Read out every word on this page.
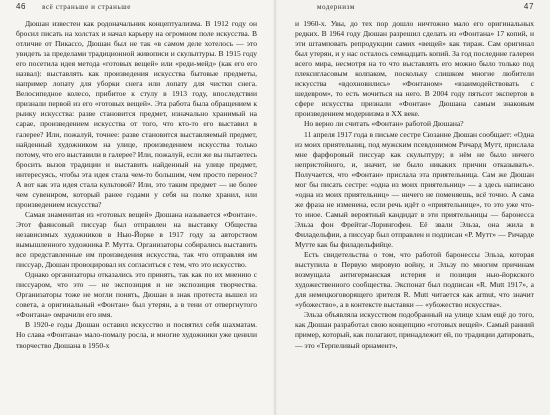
46 всё страньше и страньше

Дюшан известен как родоначальник концептуализма. В 1912 году он бросил писать на холстах и начал карьеру на огромном поле искусства. В отличие от Пикассо, Дюшан был не так «в самом деле хотелось — это увидеть за пределами традиционной живописи и скульптуры. В 1915 году его посетила идея метода «готовых вещей» или «реди-мейд» (как его его назвал): выставлять как произведения искусства бытовые предметы, например лопату для уборки снега или лопату для чистки снега. Велосипедное колесо, прибитое к стулу в 1913 году, впоследствии признали первой из его «готовых вещей». Эта работа была обращением к рынку искусства: разве становится предмет, изначально хранимый на сарае, произведением искусства от того, что кто-то его выставил в галерее? Или, пожалуй, точнее: разве становится выставляемый предмет, найденный художником на улице, произведением искусства только потому, что его выставили в галерее? Или, пожалуй, если же вы пытаетесь бросить вызов традиции и выставить найденный на улице предмет, интересуясь, чтобы эта идея стала чем-то большим, чем просто перенос? А вот как эта идея стала культовой? Или, это таким предмет — не более чем сувениром, который ранее годами у себя на полке хранил, или произведением искусства?

Самая знаменитая из «готовых вещей» Дюшана называется «Фонтан». Этот фаянсовый писсуар был отправлен на выставку Общества независимых художников в Нью-Йорке в 1917 году за авторством вымышленного художника Р. Мутта. Организаторы собирались выставить все представленные им произведения искусства, так что отправляя им писсуар, Дюшан провоцировал их согласиться с тем, что это искусство.

Однако организаторы отказались это принять, так как по их мнению с писсуаром, что это — не экспозиция и не экспозиция творчества. Организаторы тоже не могли понять, Дюшан в знак протеста вышел из совета, а оригинальный «Фонтан» был утерян, а в тени от отвергнутого «Фонтана» омрачили его имя.

В 1920-е годы Дюшан оставил искусство и посвятил себя шахматам. Но слава «Фонтана» мало-помалу росла, и многие художники уже ценили творчество Дюшана в 1950-х

модернизм	47

и 1960-х. Увы, до тех пор дошло ничтожно мало его оригинальных редких. В 1964 году Дюшан разрешил сделать из «Фонтана» 17 копий, и эти штамповать репродукции самих «вещей» как тираж. Сам оригинал был утерян, и у нас осталось семнадцать копий. За год последние галереи всего мира, несмотря на то что выставлять его можно было только под плексигласовым колпаком, поскольку слишком многие любители искусства «вдохновились» «Фонтаном» «взаимодействовать с шедевром», то есть мочиться на него. В 2004 году пятьсот экспертов в сфере искусства признали «Фонтан» Дюшана самым знаковым произведением модернизма в ХХ веке.

Но верно ли считать «Фонтан» работой Дюшана?

11 апреля 1917 года в письме сестре Сюзанне Дюшан сообщает: «Одна из моих приятельниц, под мужским псевдонимом Ричард Мутт, прислала мне фарфоровый писсуар как скульптуру; в нём не было ничего непристойного, и, значит, не было никаких причин отказывать». Получается, что «Фонтан» прислала эта приятельница. Сам же Дюшан мог бы писать сестре: «одна из моих приятельниц» — а здесь написано «одна из моих приятельниц» — ничего не поменяешь, всё точно. А сама же фраза не изменена, если речь идёт о «приятельнице», то это уже что-то иное. Самый вероятный кандидат в эти приятельницы — баронесса Эльза фон Фрейтаг-Лорингофен. Её звали Эльза, она жила в Филадельфии, а писсуар был отправлен и подписан «Р. Мутт» — Ричарде Мутте как бы филадельфийце.

Есть свидетельства о том, что работой баронессы Эльза, которая выступила в Первую мировую войну, и Эльзу по многим причинам возмущала антигерманская истерия и позиция нью-йоркского художественного сообщества. Экспонат был подписан «R. Mutt 1917», а для немецкоговорящего зрителя R. Mutt читается как armut, что значит «убожество», а в контексте выставки — «убожество искусства».

Эльза объявляла искусством подобранный на улице хлам ещё до того, как Дюшан разработал свою концепцию «готовых вещей». Самый ранний пример, который, как полагают, принадлежит ей, по традиции датировать, — это «Терпеливый орнамент»,
